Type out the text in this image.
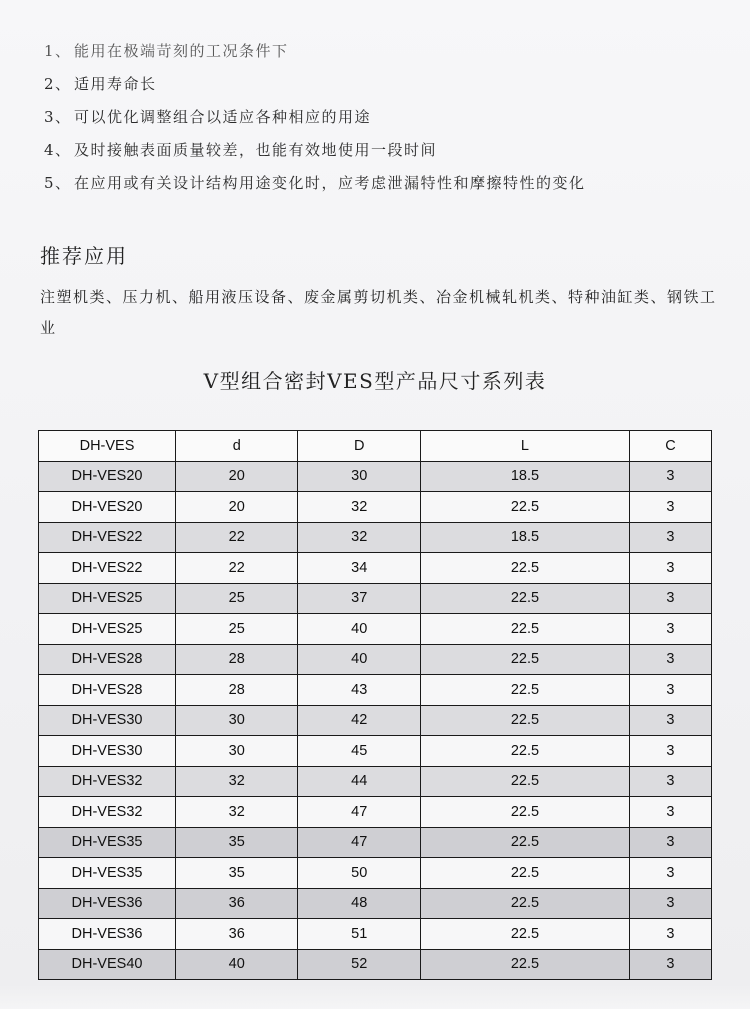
1、 能用在极端苛刻的工况条件下
2、 适用寿命长
3、 可以优化调整组合以适应各种相应的用途
4、 及时接触表面质量较差，也能有效地使用一段时间
5、 在应用或有关设计结构用途变化时，应考虑泄漏特性和摩擦特性的变化
推荐应用
注塑机类、压力机、船用液压设备、废金属剪切机类、冶金机械轧机类、特种油缸类、钢铁工业
V型组合密封VES型产品尺寸系列表
DH-VES	d	D	L	C
DH-VES20	20	30	18.5	3
DH-VES20	20	32	22.5	3
DH-VES22	22	32	18.5	3
DH-VES22	22	34	22.5	3
DH-VES25	25	37	22.5	3
DH-VES25	25	40	22.5	3
DH-VES28	28	40	22.5	3
DH-VES28	28	43	22.5	3
DH-VES30	30	42	22.5	3
DH-VES30	30	45	22.5	3
DH-VES32	32	44	22.5	3
DH-VES32	32	47	22.5	3
DH-VES35	35	47	22.5	3
DH-VES35	35	50	22.5	3
DH-VES36	36	48	22.5	3
DH-VES36	36	51	22.5	3
DH-VES40	40	52	22.5	3
